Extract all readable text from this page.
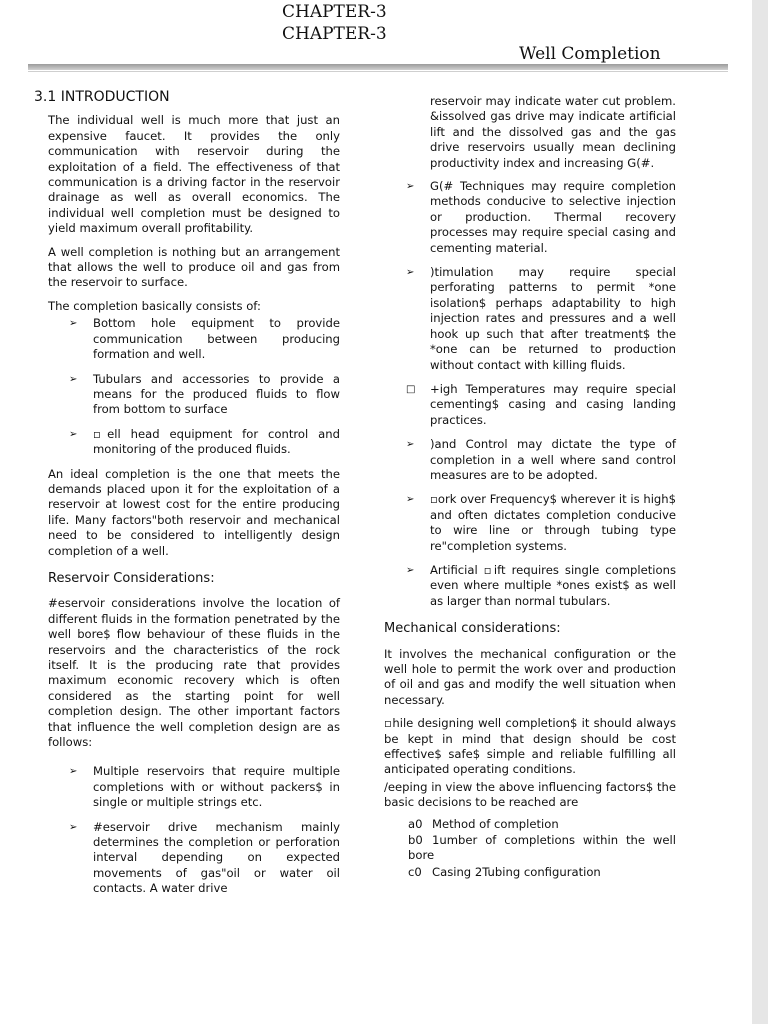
CHAPTER-3
CHAPTER-3
Well Completion
3.1 INTRODUCTION

The individual well is much more that just an expensive faucet. It provides the only communication with reservoir during the exploitation of a field. The effectiveness of that communication is a driving factor in the reservoir drainage as well as overall economics. The individual well completion must be designed to yield maximum overall profitability.

A well completion is nothing but an arrangement that allows the well to produce oil and gas from the reservoir to surface.

The completion basically consists of:

➢	Bottom hole equipment to provide communication between producing formation and well.
➢	Tubulars and accessories to provide a means for the produced fluids to flow from bottom to surface
➢	▫ell head equipment for control and monitoring of the produced fluids.

An ideal completion is the one that meets the demands placed upon it for the exploitation of a reservoir at lowest cost for the entire producing life. Many factors"both reservoir and mechanical need to be considered to intelligently design completion of a well.

Reservoir Considerations:

#eservoir considerations involve the location of different fluids in the formation penetrated by the well bore$ flow behaviour of these fluids in the reservoirs and the characteristics of the rock itself. It is the producing rate that provides maximum economic recovery which is often considered as the starting point for well completion design. The other important factors that influence the well completion design are as follows:

➢	Multiple reservoirs that require multiple completions with or without packers$ in single or multiple strings etc.
➢	#eservoir drive mechanism mainly determines the completion or perforation interval depending on expected movements of gas"oil or water oil contacts. A water drive

reservoir may indicate water cut problem. &issolved gas drive may indicate artificial lift and the dissolved gas and the gas drive reservoirs usually mean declining productivity index and increasing G(#.

➢	G(# Techniques may require completion methods conducive to selective injection or production. Thermal recovery processes may require special casing and cementing material.
➢	)timulation may require special perforating patterns to permit *one isolation$ perhaps adaptability to high injection rates and pressures and a well hook up such that after treatment$ the *one can be returned to production without contact with killing fluids.
□	+igh Temperatures may require special cementing$ casing and casing landing practices.
➢	)and Control may dictate the type of completion in a well where sand control measures are to be adopted.
➢	▫ork over Frequency$ wherever it is high$ and often dictates completion conducive to wire line or through tubing type re"completion systems.
➢	Artificial ▫ift requires single completions even where multiple *ones exist$ as well as larger than normal tubulars.
Mechanical considerations:

It involves the mechanical configuration or the well hole to permit the work over and production of oil and gas and modify the well situation when necessary.

▫hile designing well completion$ it should always be kept in mind that design should be cost effective$ safe$ simple and reliable fulfilling all anticipated operating conditions.

/eeping in view the above influencing factors$ the basic decisions to be reached are

a0 Method of completion
b0 1umber of completions within the well bore
c0 Casing 2Tubing configuration
